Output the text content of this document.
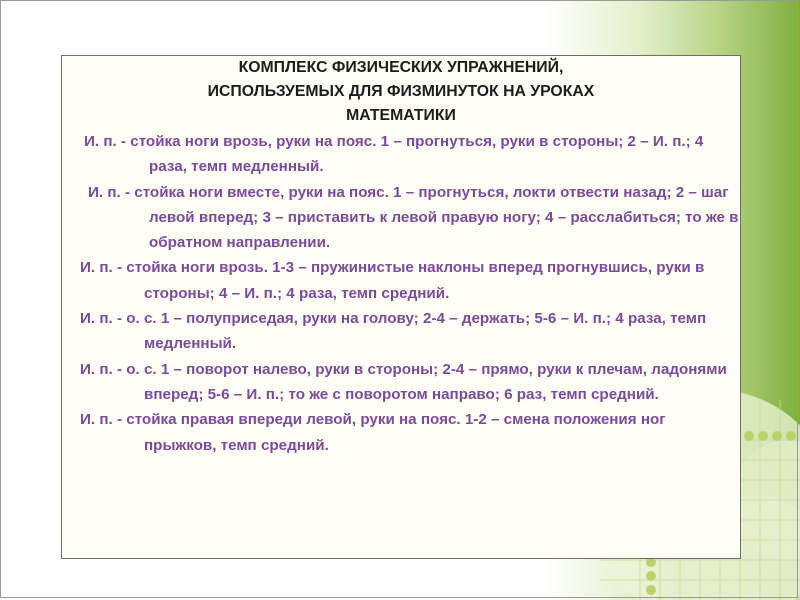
КОМПЛЕКС ФИЗИЧЕСКИХ УПРАЖНЕНИЙ,
ИСПОЛЬЗУЕМЫХ ДЛЯ ФИЗМИНУТОК НА УРОКАХ
МАТЕМАТИКИ

И. п. - стойка ноги врозь, руки на пояс. 1 – прогнуться, руки в стороны; 2 – И. п.; 4 раза, темп медленный.

И. п. - стойка ноги вместе, руки на пояс. 1 – прогнуться, локти отвести назад; 2 – шаг левой вперед; 3 – приставить к левой правую ногу; 4 – расслабиться; то же в обратном направлении.

И. п. - стойка ноги врозь. 1-3 – пружинистые наклоны вперед прогнувшись, руки в стороны; 4 – И. п.; 4 раза, темп средний.

И. п. - о. с. 1 – полуприседая, руки на голову; 2-4 – держать; 5-6 – И. п.; 4 раза, темп медленный.

И. п. - о. с. 1 – поворот налево, руки в стороны; 2-4 – прямо, руки к плечам, ладонями вперед; 5-6 – И. п.; то же с поворотом направо; 6 раз, темп средний.

И. п. - стойка правая впереди левой, руки на пояс. 1-2 – смена положения ног прыжков, темп средний.
